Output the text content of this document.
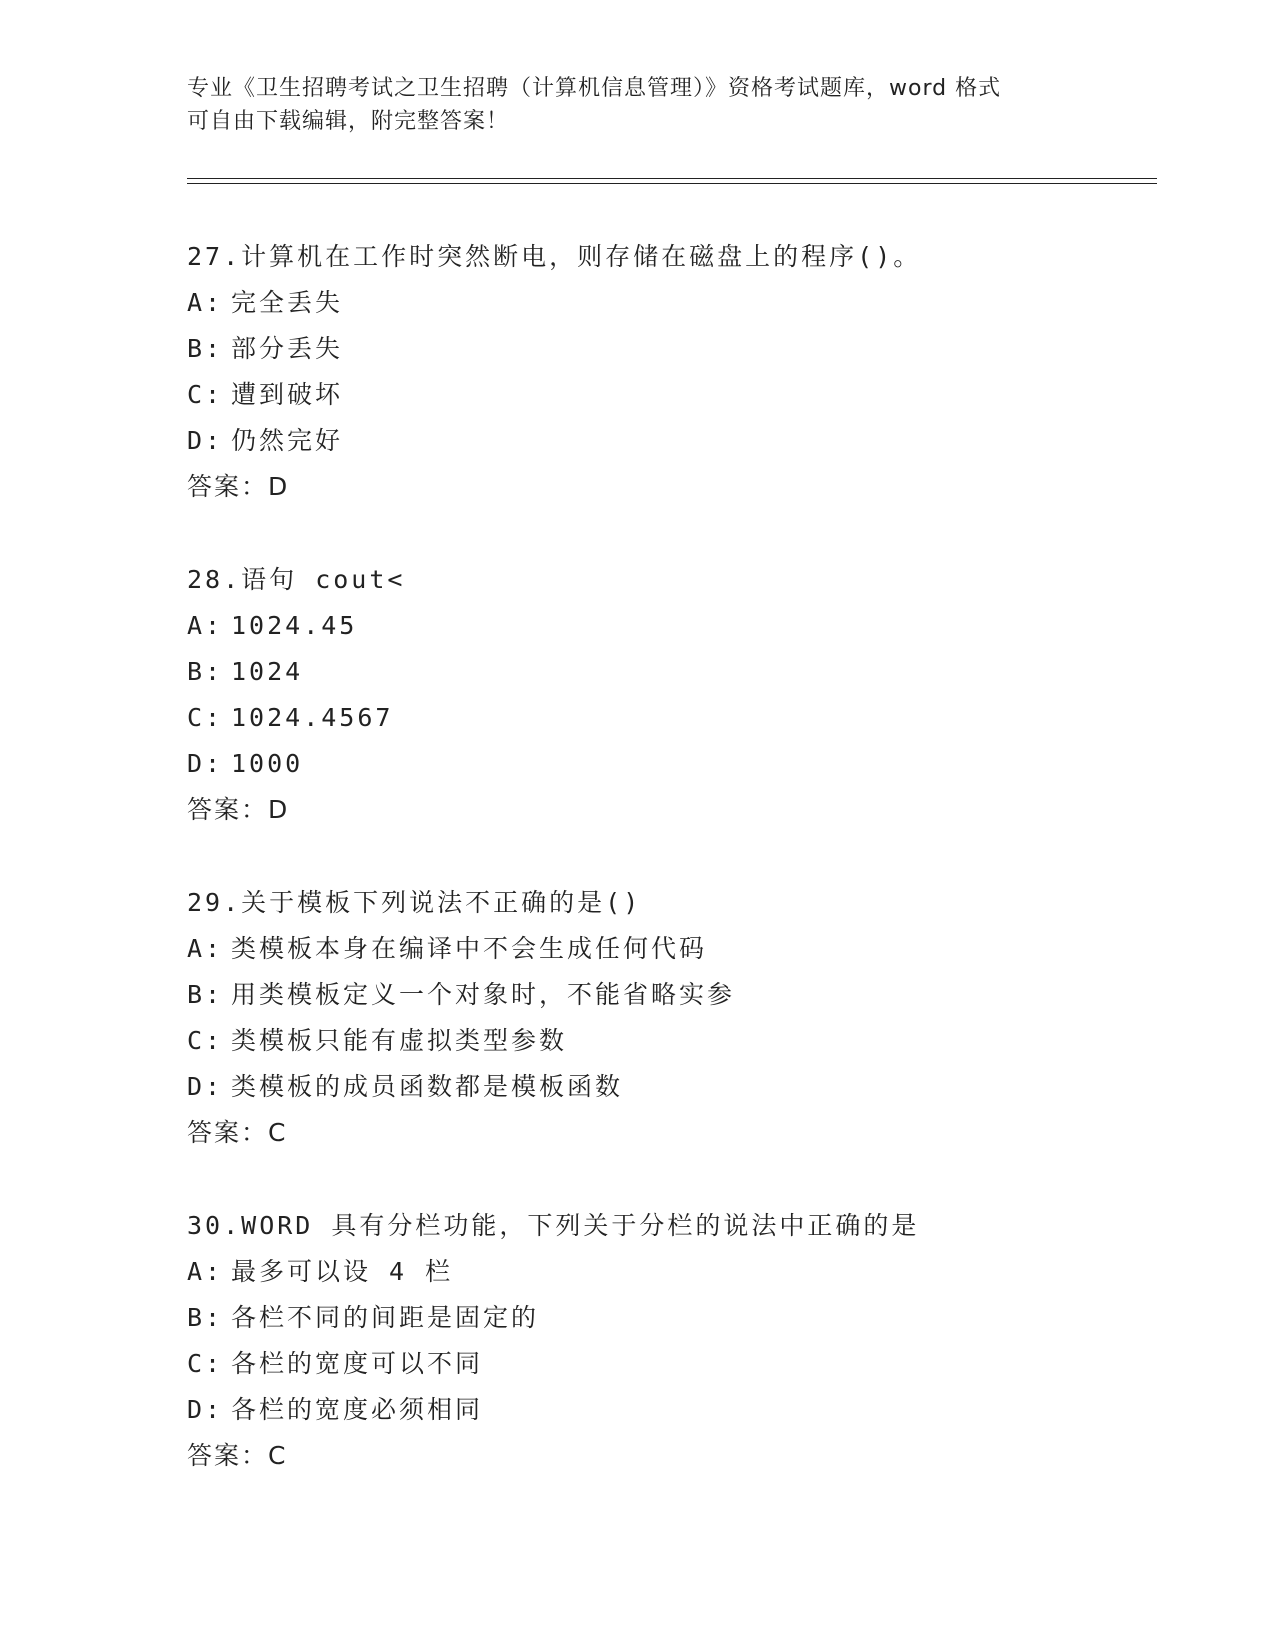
专业《卫生招聘考试之卫生招聘（计算机信息管理）》资格考试题库，word 格式
可自由下载编辑，附完整答案！
27.计算机在工作时突然断电，则存储在磁盘上的程序()。
A: 完全丢失
B: 部分丢失
C: 遭到破坏
D: 仍然完好
答案：D
28.语句 cout<
A: 1024.45
B: 1024
C: 1024.4567
D: 1000
答案：D
29.关于模板下列说法不正确的是()
A: 类模板本身在编译中不会生成任何代码
B: 用类模板定义一个对象时，不能省略实参
C: 类模板只能有虚拟类型参数
D: 类模板的成员函数都是模板函数
答案：C
30.WORD 具有分栏功能，下列关于分栏的说法中正确的是
A: 最多可以设 4 栏
B: 各栏不同的间距是固定的
C: 各栏的宽度可以不同
D: 各栏的宽度必须相同
答案：C
